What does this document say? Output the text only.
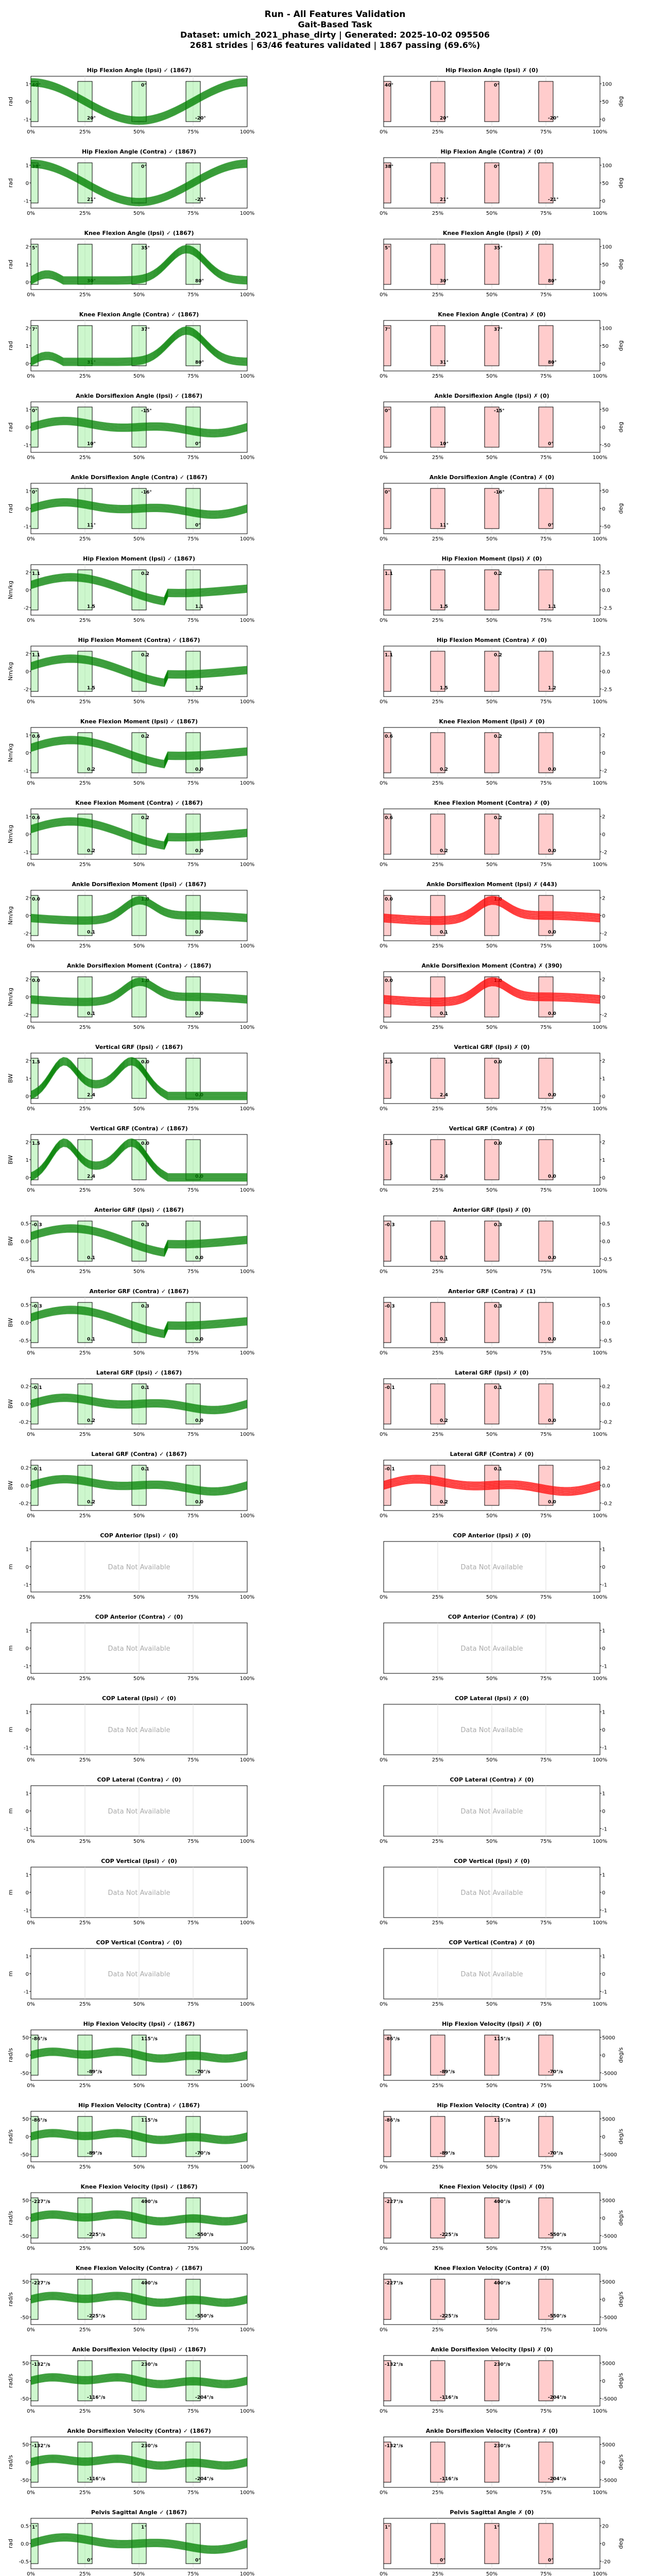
Run - All Features Validation
Gait-Based Task
Dataset: umich_2021_phase_dirty | Generated: 2025-10-02 095506
2681 strides | 63/46 features validated | 1867 passing (69.6%)
Hip Flexion Angle (Ipsi) ✓ (1867)
1
0
-1
0%	25%	50%	75%	100%
rad
40°
20°
0°
-20°
Hip Flexion Angle (Ipsi) ✗ (0)
100
50
0
0%	25%	50%	75%	100%
deg
40°
20°
0°
-20°
Hip Flexion Angle (Contra) ✓ (1867)
1
0
-1
0%	25%	50%	75%	100%
rad
38°
21°
0°
-21°
Hip Flexion Angle (Contra) ✗ (0)
100
50
0
0%	25%	50%	75%	100%
deg
38°
21°
0°
-21°
Knee Flexion Angle (Ipsi) ✓ (1867)
2
1
0
0%	25%	50%	75%	100%
rad
5°
30°
35°
80°
Knee Flexion Angle (Ipsi) ✗ (0)
100
50
0
0%	25%	50%	75%	100%
deg
5°
30°
35°
80°
Knee Flexion Angle (Contra) ✓ (1867)
2
1
0
0%	25%	50%	75%	100%
rad
7°
31°
37°
80°
Knee Flexion Angle (Contra) ✗ (0)
100
50
0
0%	25%	50%	75%	100%
deg
7°
31°
37°
80°
Ankle Dorsiflexion Angle (Ipsi) ✓ (1867)
1
0
-1
0%	25%	50%	75%	100%
rad
0°
10°
-15°
0°
Ankle Dorsiflexion Angle (Ipsi) ✗ (0)
50
0
-50
0%	25%	50%	75%	100%
deg
0°
10°
-15°
0°
Ankle Dorsiflexion Angle (Contra) ✓ (1867)
1
0
-1
0%	25%	50%	75%	100%
rad
0°
11°
-16°
0°
Ankle Dorsiflexion Angle (Contra) ✗ (0)
50
0
-50
0%	25%	50%	75%	100%
deg
0°
11°
-16°
0°
Hip Flexion Moment (Ipsi) ✓ (1867)
2
0
-2
0%	25%	50%	75%	100%
Nm/kg
1.1
1.5
0.2
1.1
Hip Flexion Moment (Ipsi) ✗ (0)
2.5
0.0
-2.5
0%	25%	50%	75%	100%
1.1
1.5
0.2
1.1
Hip Flexion Moment (Contra) ✓ (1867)
2
0
-2
0%	25%	50%	75%	100%
Nm/kg
1.1
1.5
0.2
1.2
Hip Flexion Moment (Contra) ✗ (0)
2.5
0.0
-2.5
0%	25%	50%	75%	100%
1.1
1.5
0.2
1.2
Knee Flexion Moment (Ipsi) ✓ (1867)
1
0
-1
0%	25%	50%	75%	100%
Nm/kg
0.6
0.2
0.2
0.0
Knee Flexion Moment (Ipsi) ✗ (0)
2
0
-2
0%	25%	50%	75%	100%
0.6
0.2
0.2
0.0
Knee Flexion Moment (Contra) ✓ (1867)
1
0
-1
0%	25%	50%	75%	100%
Nm/kg
0.6
0.2
0.2
0.0
Knee Flexion Moment (Contra) ✗ (0)
2
0
-2
0%	25%	50%	75%	100%
0.6
0.2
0.2
0.0
Ankle Dorsiflexion Moment (Ipsi) ✓ (1867)
2
0
-2
0%	25%	50%	75%	100%
Nm/kg
0.0
0.1
1.0
0.0
Ankle Dorsiflexion Moment (Ipsi) ✗ (443)
2
0
-2
0%	25%	50%	75%	100%
0.0
0.1
1.0
0.0
Ankle Dorsiflexion Moment (Contra) ✓ (1867)
2
0
-2
0%	25%	50%	75%	100%
Nm/kg
0.0
0.1
1.0
0.0
Ankle Dorsiflexion Moment (Contra) ✗ (390)
2
0
-2
0%	25%	50%	75%	100%
0.0
0.1
1.0
0.0
Vertical GRF (Ipsi) ✓ (1867)
2
1
0
0%	25%	50%	75%	100%
BW
1.5
2.4
0.0
0.0
Vertical GRF (Ipsi) ✗ (0)
2
1
0
0%	25%	50%	75%	100%
1.5
2.4
0.0
0.0
Vertical GRF (Contra) ✓ (1867)
2
1
0
0%	25%	50%	75%	100%
BW
1.5
2.4
0.0
0.0
Vertical GRF (Contra) ✗ (0)
2
1
0
0%	25%	50%	75%	100%
1.5
2.4
0.0
0.0
Anterior GRF (Ipsi) ✓ (1867)
0.5
0.0
-0.5
0%	25%	50%	75%	100%
BW
-0.3
0.1
0.3
0.0
Anterior GRF (Ipsi) ✗ (0)
0.5
0.0
-0.5
0%	25%	50%	75%	100%
-0.3
0.1
0.3
0.0
Anterior GRF (Contra) ✓ (1867)
0.5
0.0
-0.5
0%	25%	50%	75%	100%
BW
-0.3
0.1
0.3
0.0
Anterior GRF (Contra) ✗ (1)
0.5
0.0
-0.5
0%	25%	50%	75%	100%
-0.3
0.1
0.3
0.0
Lateral GRF (Ipsi) ✓ (1867)
0.2
0.0
-0.2
0%	25%	50%	75%	100%
BW
-0.1
0.2
0.1
0.0
Lateral GRF (Ipsi) ✗ (0)
0.2
0.0
-0.2
0%	25%	50%	75%	100%
-0.1
0.2
0.1
0.0
Lateral GRF (Contra) ✓ (1867)
0.2
0.0
-0.2
0%	25%	50%	75%	100%
BW
-0.1
0.2
0.1
0.0
Lateral GRF (Contra) ✗ (0)
0.2
0.0
-0.2
0%	25%	50%	75%	100%
-0.1
0.2
0.1
0.0
COP Anterior (Ipsi) ✓ (0)
1
0
-1
0%	25%	50%	75%	100%
m	Data Not Available
COP Anterior (Ipsi) ✗ (0)
1
0
-1
0%	25%	50%	75%	100%
Data Not Available
COP Anterior (Contra) ✓ (0)
1
0
-1
0%	25%	50%	75%	100%
m	Data Not Available
COP Anterior (Contra) ✗ (0)
1
0
-1
0%	25%	50%	75%	100%
Data Not Available
COP Lateral (Ipsi) ✓ (0)
1
0
-1
0%	25%	50%	75%	100%
m	Data Not Available
COP Lateral (Ipsi) ✗ (0)
1
0
-1
0%	25%	50%	75%	100%
Data Not Available
COP Lateral (Contra) ✓ (0)
1
0
-1
0%	25%	50%	75%	100%
m	Data Not Available
COP Lateral (Contra) ✗ (0)
1
0
-1
0%	25%	50%	75%	100%
Data Not Available
COP Vertical (Ipsi) ✓ (0)
1
0
-1
0%	25%	50%	75%	100%
m	Data Not Available
COP Vertical (Ipsi) ✗ (0)
1
0
-1
0%	25%	50%	75%	100%
Data Not Available
COP Vertical (Contra) ✓ (0)
1
0
-1
0%	25%	50%	75%	100%
m	Data Not Available
COP Vertical (Contra) ✗ (0)
1
0
-1
0%	25%	50%	75%	100%
Data Not Available
Hip Flexion Velocity (Ipsi) ✓ (1867)
50
0
-50
0%	25%	50%	75%	100%
rad/s
-86°/s
-89°/s
115°/s
-70°/s
Hip Flexion Velocity (Ipsi) ✗ (0)
5000
0
-5000
0%	25%	50%	75%	100%
deg/s
-86°/s
-89°/s
115°/s
-70°/s
Hip Flexion Velocity (Contra) ✓ (1867)
50
0
-50
0%	25%	50%	75%	100%
rad/s
-86°/s
-89°/s
115°/s
-70°/s
Hip Flexion Velocity (Contra) ✗ (0)
5000
0
-5000
0%	25%	50%	75%	100%
deg/s
-86°/s
-89°/s
115°/s
-70°/s
Knee Flexion Velocity (Ipsi) ✓ (1867)
50
0
-50
0%	25%	50%	75%	100%
rad/s
-227°/s
-225°/s
400°/s
-550°/s
Knee Flexion Velocity (Ipsi) ✗ (0)
5000
0
-5000
0%	25%	50%	75%	100%
deg/s
-227°/s
-225°/s
400°/s
-550°/s
Knee Flexion Velocity (Contra) ✓ (1867)
50
0
-50
0%	25%	50%	75%	100%
rad/s
-227°/s
-225°/s
400°/s
-550°/s
Knee Flexion Velocity (Contra) ✗ (0)
5000
0
-5000
0%	25%	50%	75%	100%
deg/s
-227°/s
-225°/s
400°/s
-550°/s
Ankle Dorsiflexion Velocity (Ipsi) ✓ (1867)
50
0
-50
0%	25%	50%	75%	100%
rad/s
-132°/s
-116°/s
230°/s
-204°/s
Ankle Dorsiflexion Velocity (Ipsi) ✗ (0)
5000
0
-5000
0%	25%	50%	75%	100%
deg/s
-132°/s
-116°/s
230°/s
-204°/s
Ankle Dorsiflexion Velocity (Contra) ✓ (1867)
50
0
-50
0%	25%	50%	75%	100%
rad/s
-132°/s
-116°/s
230°/s
-204°/s
Ankle Dorsiflexion Velocity (Contra) ✗ (0)
5000
0
-5000
0%	25%	50%	75%	100%
deg/s
-132°/s
-116°/s
230°/s
-204°/s
Pelvis Sagittal Angle ✓ (1867)
0.5
0.0
-0.5
0%	25%	50%	75%	100%
rad
1°
0°
1°
0°
Pelvis Sagittal Angle ✗ (0)
20
0
-20
0%	25%	50%	75%	100%
deg
1°
0°
1°
0°
